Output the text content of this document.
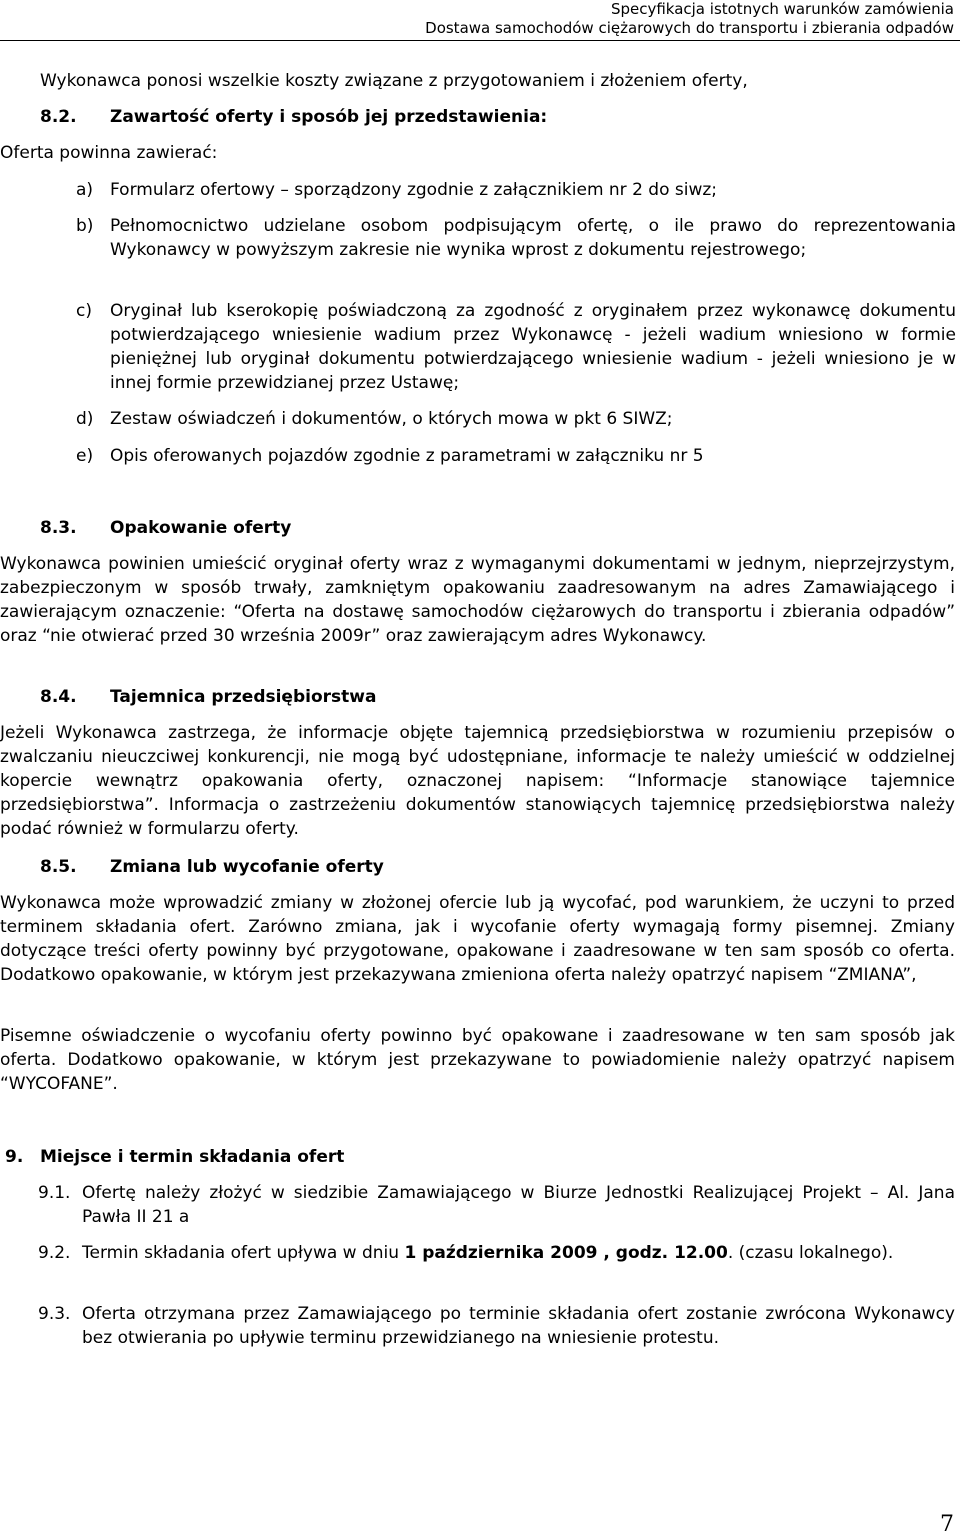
Specyfikacja istotnych warunków zamówienia
Dostawa samochodów ciężarowych do transportu i zbierania odpadów
Wykonawca ponosi wszelkie koszty związane z przygotowaniem i złożeniem oferty,
8.2. Zawartość oferty i sposób jej przedstawienia:
Oferta powinna zawierać:
a) Formularz ofertowy – sporządzony zgodnie z załącznikiem nr 2 do siwz;
b) Pełnomocnictwo udzielane osobom podpisującym ofertę, o ile prawo do reprezentowania Wykonawcy w powyższym zakresie nie wynika wprost z dokumentu rejestrowego;
c) Oryginał lub kserokopię poświadczoną za zgodność z oryginałem przez wykonawcę dokumentu potwierdzającego wniesienie wadium przez Wykonawcę - jeżeli wadium wniesiono w formie pieniężnej lub oryginał dokumentu potwierdzającego wniesienie wadium - jeżeli wniesiono je w innej formie przewidzianej przez Ustawę;
d) Zestaw oświadczeń i dokumentów, o których mowa w pkt 6 SIWZ;
e) Opis oferowanych pojazdów zgodnie z parametrami w załączniku nr 5
8.3. Opakowanie oferty
Wykonawca powinien umieścić oryginał oferty wraz z wymaganymi dokumentami w jednym, nieprzejrzystym, zabezpieczonym w sposób trwały, zamkniętym opakowaniu zaadresowanym na adres Zamawiającego i zawierającym oznaczenie: “Oferta na dostawę samochodów ciężarowych do transportu i zbierania odpadów” oraz “nie otwierać przed 30 września 2009r” oraz zawierającym adres Wykonawcy.
8.4. Tajemnica przedsiębiorstwa
Jeżeli Wykonawca zastrzega, że informacje objęte tajemnicą przedsiębiorstwa w rozumieniu przepisów o zwalczaniu nieuczciwej konkurencji, nie mogą być udostępniane, informacje te należy umieścić w oddzielnej kopercie wewnątrz opakowania oferty, oznaczonej napisem: “Informacje stanowiące tajemnice przedsiębiorstwa”. Informacja o zastrzeżeniu dokumentów stanowiących tajemnicę przedsiębiorstwa należy podać również w formularzu oferty.
8.5. Zmiana lub wycofanie oferty
Wykonawca może wprowadzić zmiany w złożonej ofercie lub ją wycofać, pod warunkiem, że uczyni to przed terminem składania ofert. Zarówno zmiana, jak i wycofanie oferty wymagają formy pisemnej. Zmiany dotyczące treści oferty powinny być przygotowane, opakowane i zaadresowane w ten sam sposób co oferta. Dodatkowo opakowanie, w którym jest przekazywana zmieniona oferta należy opatrzyć napisem “ZMIANA”,
Pisemne oświadczenie o wycofaniu oferty powinno być opakowane i zaadresowane w ten sam sposób jak oferta. Dodatkowo opakowanie, w którym jest przekazywane to powiadomienie należy opatrzyć napisem “WYCOFANE”.
9. Miejsce i termin składania ofert
9.1. Ofertę należy złożyć w siedzibie Zamawiającego w Biurze Jednostki Realizującej Projekt – Al. Jana Pawła II 21 a
9.2. Termin składania ofert upływa w dniu 1 października 2009 , godz. 12.00. (czasu lokalnego).
9.3. Oferta otrzymana przez Zamawiającego po terminie składania ofert zostanie zwrócona Wykonawcy bez otwierania po upływie terminu przewidzianego na wniesienie protestu.
7
